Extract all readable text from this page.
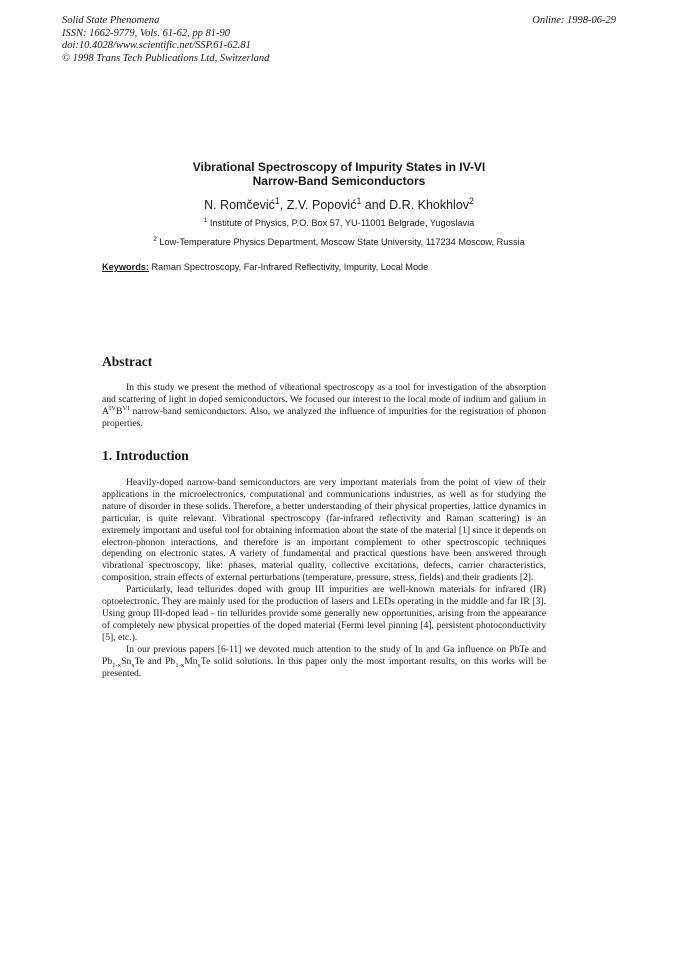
Solid State Phenomena
ISSN: 1662-9779, Vols. 61-62, pp 81-90
doi:10.4028/www.scientific.net/SSP.61-62.81
© 1998 Trans Tech Publications Ltd, Switzerland
Online: 1998-06-29
Vibrational Spectroscopy of Impurity States in IV-VI
Narrow-Band Semiconductors
N. Romčević$^1$, Z.V. Popović$^1$ and D.R. Khokhlov$^2$
$^1$ Institute of Physics, P.O. Box 57, YU-11001 Belgrade, Yugoslavia
$^2$ Low-Temperature Physics Department, Moscow State University, 117234 Moscow, Russia
Keywords: Raman Spectroscopy, Far-Infrared Reflectivity, Impurity, Local Mode
Abstract

In this study we present the method of vibrational spectroscopy as a tool for investigation of the absorption and scattering of light in doped semiconductors. We focused our interest to the local mode of indium and galium in $A^{IV}B^{VI}$ narrow-band semiconductors. Also, we analyzed the influence of impurities for the registration of phonon properties.

1. Introduction

Heavily-doped narrow-band semiconductors are very important materials from the point of view of their applications in the microelectronics, computational and communications industries, as well as for studying the nature of disorder in these solids. Therefore, a better understanding of their physical properties, lattice dynamics in particular, is quite relevant. Vibrational spectroscopy (far-infrared reflectivity and Raman scattering) is an extremely important and useful tool for obtaining information about the state of the material [1] since it depends on electron-phonon interactions, and therefore is an important complement to other spectroscopic techniques depending on electronic states. A variety of fundamental and practical questions have been answered through vibrational spectroscopy, like: phases, material quality, collective excitations, defects, carrier characteristics, composition, strain effects of external perturbations (temperature, pressure, stress, fields) and their gradients [2].

Particularly, lead tellurides doped with group III impurities are well-known materials for infrared (IR) optoelectronic. They are mainly used for the production of lasers and LEDs operating in the middle and far IR [3]. Using group III-doped lead - tin tellurides provide some generally new opportunities, arising from the appearance of completely new physical properties of the doped material (Fermi level pinning [4], persistent photoconductivity [5], etc.).

In our previous papers [6-11] we devoted much attention to the study of In and Ga influence on PbTe and $Pb_{1-x}Sn_xTe$ and $Pb_{1-x}Mn_xTe$ solid solutions. In this paper only the most important results, on this works will be presented.
